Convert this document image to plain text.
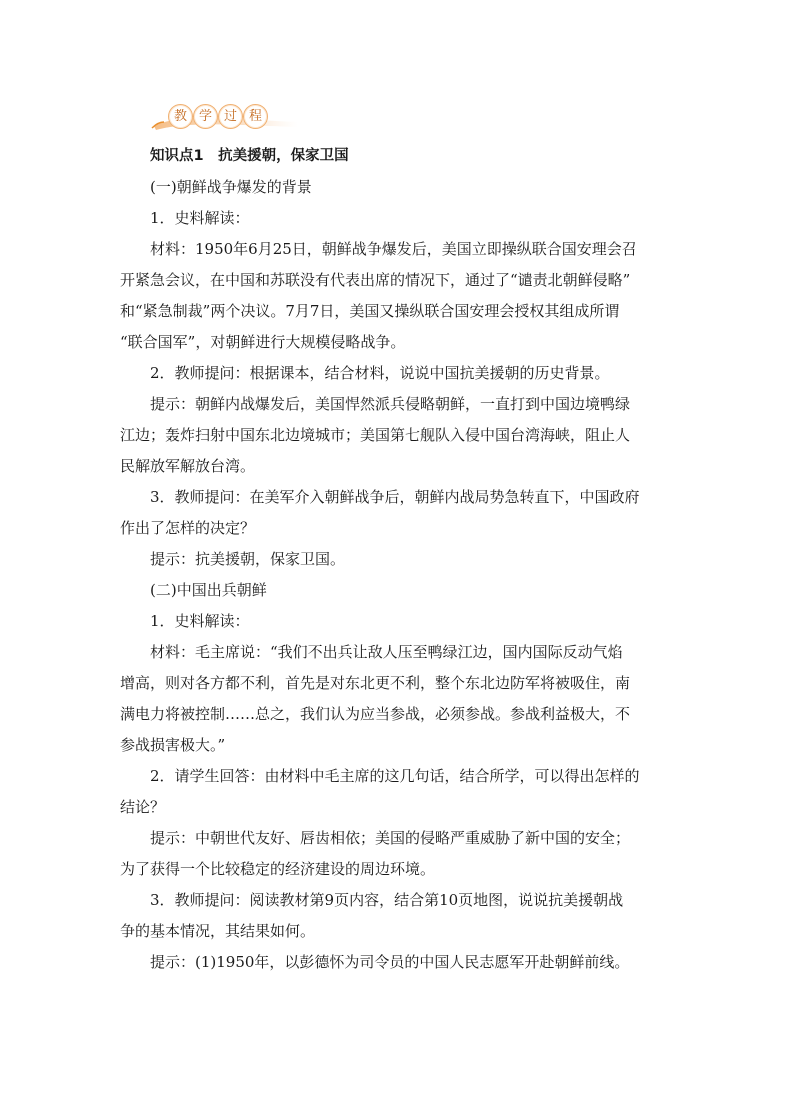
教 学 过 程
知识点1　抗美援朝，保家卫国
(一)朝鲜战争爆发的背景
1．史料解读：
材料：1950年6月25日，朝鲜战争爆发后，美国立即操纵联合国安理会召
开紧急会议，在中国和苏联没有代表出席的情况下，通过了“谴责北朝鲜侵略”
和“紧急制裁”两个决议。7月7日，美国又操纵联合国安理会授权其组成所谓
“联合国军”，对朝鲜进行大规模侵略战争。
2．教师提问：根据课本，结合材料，说说中国抗美援朝的历史背景。
提示：朝鲜内战爆发后，美国悍然派兵侵略朝鲜，一直打到中国边境鸭绿
江边；轰炸扫射中国东北边境城市；美国第七舰队入侵中国台湾海峡，阻止人
民解放军解放台湾。
3．教师提问：在美军介入朝鲜战争后，朝鲜内战局势急转直下，中国政府
作出了怎样的决定？
提示：抗美援朝，保家卫国。
(二)中国出兵朝鲜
1．史料解读：
材料：毛主席说：“我们不出兵让敌人压至鸭绿江边，国内国际反动气焰
增高，则对各方都不利，首先是对东北更不利，整个东北边防军将被吸住，南
满电力将被控制……总之，我们认为应当参战，必须参战。参战利益极大，不
参战损害极大。”
2．请学生回答：由材料中毛主席的这几句话，结合所学，可以得出怎样的
结论？
提示：中朝世代友好、唇齿相依；美国的侵略严重威胁了新中国的安全；
为了获得一个比较稳定的经济建设的周边环境。
3．教师提问：阅读教材第9页内容，结合第10页地图，说说抗美援朝战
争的基本情况，其结果如何。
提示：(1)1950年，以彭德怀为司令员的中国人民志愿军开赴朝鲜前线。
